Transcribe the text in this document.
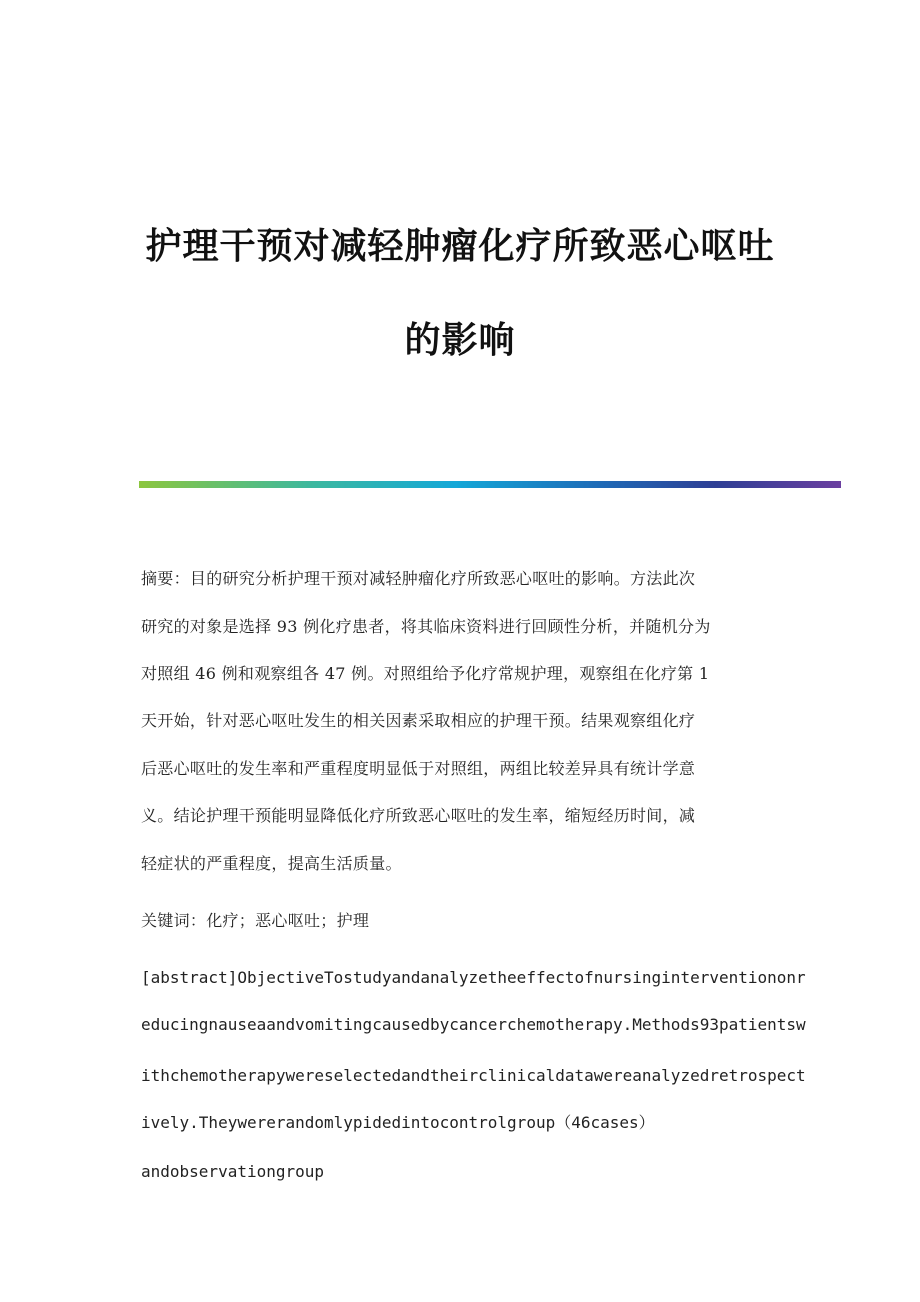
护理干预对减轻肿瘤化疗所致恶心呕吐
的影响
摘要：目的研究分析护理干预对减轻肿瘤化疗所致恶心呕吐的影响。方法此次
研究的对象是选择 93 例化疗患者，将其临床资料进行回顾性分析，并随机分为
对照组 46 例和观察组各 47 例。对照组给予化疗常规护理，观察组在化疗第 1
天开始，针对恶心呕吐发生的相关因素采取相应的护理干预。结果观察组化疗
后恶心呕吐的发生率和严重程度明显低于对照组，两组比较差异具有统计学意
义。结论护理干预能明显降低化疗所致恶心呕吐的发生率，缩短经历时间，减
轻症状的严重程度，提高生活质量。
关键词：化疗；恶心呕吐；护理
[abstract]ObjectiveTostudyandanalyzetheeffectofnursinginterventiononr
educingnauseaandvomitingcausedbycancerchemotherapy.Methods93patientsw
ithchemotherapywereselectedandtheirclinicaldatawereanalyzedretrospect
ively.Theywererandomlypidedintocontrolgroup（46cases）
andobservationgroup
